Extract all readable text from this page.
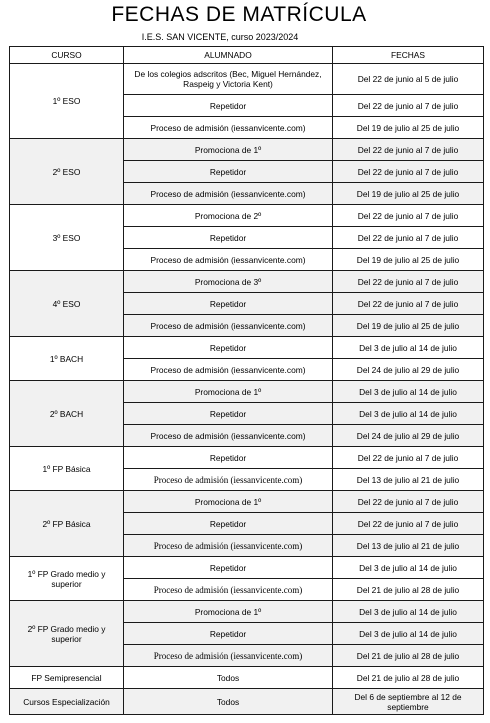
FECHAS DE MATRÍCULA
I.E.S. SAN VICENTE, curso 2023/2024
CURSO	ALUMNADO	FECHAS
1º ESO	De los colegios adscritos (Bec, Miguel Hernández, Raspeig y Victoria Kent)	Del 22 de junio al 5 de julio
	Repetidor	Del 22 de junio al 7 de julio
	Proceso de admisión (iessanvicente.com)	Del 19 de julio al 25 de julio
2º ESO	Promociona de 1º	Del 22 de junio al 7 de julio
	Repetidor	Del 22 de junio al 7 de julio
	Proceso de admisión (iessanvicente.com)	Del 19 de julio al 25 de julio
3º ESO	Promociona de 2º	Del 22 de junio al 7 de julio
	Repetidor	Del 22 de junio al 7 de julio
	Proceso de admisión (iessanvicente.com)	Del 19 de julio al 25 de julio
4º ESO	Promociona de 3º	Del 22 de junio al 7 de julio
	Repetidor	Del 22 de junio al 7 de julio
	Proceso de admisión (iessanvicente.com)	Del 19 de julio al 25 de julio
1º BACH	Repetidor	Del 3 de julio al 14 de julio
	Proceso de admisión (iessanvicente.com)	Del 24 de julio al 29 de julio
2º BACH	Promociona de 1º	Del 3 de julio al 14 de julio
	Repetidor	Del 3 de julio al 14 de julio
	Proceso de admisión (iessanvicente.com)	Del 24 de julio al 29 de julio
1º FP Básica	Repetidor	Del 22 de junio al 7 de julio
	Proceso de admisión (iessanvicente.com)	Del 13 de julio al 21 de julio
2º FP Básica	Promociona de 1º	Del 22 de junio al 7 de julio
	Repetidor	Del 22 de junio al 7 de julio
	Proceso de admisión (iessanvicente.com)	Del 13 de julio al 21 de julio
1º FP Grado medio y superior	Repetidor	Del 3 de julio al 14 de julio
	Proceso de admisión (iessanvicente.com)	Del 21 de julio al 28 de julio
2º FP Grado medio y superior	Promociona de 1º	Del 3 de julio al 14 de julio
	Repetidor	Del 3 de julio al 14 de julio
	Proceso de admisión (iessanvicente.com)	Del 21 de julio al 28 de julio
FP Semipresencial	Todos	Del 21 de julio al 28 de julio
Cursos Especialización	Todos	Del 6 de septiembre al 12 de septiembre
